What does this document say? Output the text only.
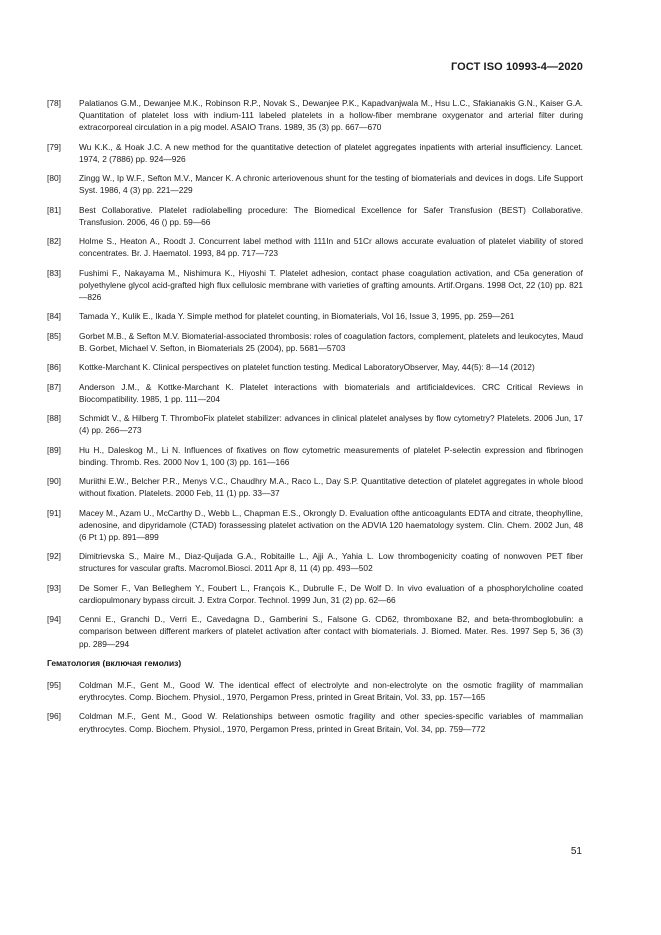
ГОСТ ISO 10993-4—2020
[78]	Palatianos G.M., Dewanjee M.K., Robinson R.P., Novak S., Dewanjee P.K., Kapadvanjwala M., Hsu L.C., Sfakianakis G.N., Kaiser G.A. Quantitation of platelet loss with indium-111 labeled platelets in a hollow-fiber membrane oxygenator and arterial filter during extracorporeal circulation in a pig model. ASAIO Trans. 1989, 35 (3) pp. 667—670
[79]	Wu K.K., & Hoak J.C. A new method for the quantitative detection of platelet aggregates inpatients with arterial insufficiency. Lancet. 1974, 2 (7886) pp. 924—926
[80]	Zingg W., Ip W.F., Sefton M.V., Mancer K. A chronic arteriovenous shunt for the testing of biomaterials and devices in dogs. Life Support Syst. 1986, 4 (3) pp. 221—229
[81]	Best Collaborative. Platelet radiolabelling procedure: The Biomedical Excellence for Safer Transfusion (BEST) Collaborative. Transfusion. 2006, 46 () pp. 59—66
[82]	Holme S., Heaton A., Roodt J. Concurrent label method with 111In and 51Cr allows accurate evaluation of platelet viability of stored concentrates. Br. J. Haematol. 1993, 84 pp. 717—723
[83]	Fushimi F., Nakayama M., Nishimura K., Hiyoshi T. Platelet adhesion, contact phase coagulation activation, and C5a generation of polyethylene glycol acid-grafted high flux cellulosic membrane with varieties of grafting amounts. Artif.Organs. 1998 Oct, 22 (10) pp. 821—826
[84]	Tamada Y., Kulik E., Ikada Y. Simple method for platelet counting, in Biomaterials, Vol 16, Issue 3, 1995, pp. 259—261
[85]	Gorbet M.B., & Sefton M.V. Biomaterial-associated thrombosis: roles of coagulation factors, complement, platelets and leukocytes, Maud B. Gorbet, Michael V. Sefton, in Biomaterials 25 (2004), pp. 5681—5703
[86]	Kottke-Marchant K. Clinical perspectives on platelet function testing. Medical LaboratoryObserver, May, 44(5): 8—14 (2012)
[87]	Anderson J.M., & Kottke-Marchant K. Platelet interactions with biomaterials and artificialdevices. CRC Critical Reviews in Biocompatibility. 1985, 1 pp. 111—204
[88]	Schmidt V., & Hilberg T. ThromboFix platelet stabilizer: advances in clinical platelet analyses by flow cytometry? Platelets. 2006 Jun, 17 (4) pp. 266—273
[89]	Hu H., Daleskog M., Li N. Influences of fixatives on flow cytometric measurements of platelet P-selectin expression and fibrinogen binding. Thromb. Res. 2000 Nov 1, 100 (3) pp. 161—166
[90]	Muriithi E.W., Belcher P.R., Menys V.C., Chaudhry M.A., Raco L., Day S.P. Quantitative detection of platelet aggregates in whole blood without fixation. Platelets. 2000 Feb, 11 (1) pp. 33—37
[91]	Macey M., Azam U., McCarthy D., Webb L., Chapman E.S., Okrongly D. Evaluation ofthe anticoagulants EDTA and citrate, theophylline, adenosine, and dipyridamole (CTAD) forassessing platelet activation on the ADVIA 120 haematology system. Clin. Chem. 2002 Jun, 48 (6 Pt 1) pp. 891—899
[92]	Dimitrievska S., Maire M., Diaz-Quijada G.A., Robitaille L., Ajji A., Yahia L. Low thrombogenicity coating of nonwoven PET fiber structures for vascular grafts. Macromol.Biosci. 2011 Apr 8, 11 (4) pp. 493—502
[93]	De Somer F., Van Belleghem Y., Foubert L., François K., Dubrulle F., De Wolf D. In vivo evaluation of a phosphorylcholine coated cardiopulmonary bypass circuit. J. Extra Corpor. Technol. 1999 Jun, 31 (2) pp. 62—66
[94]	Cenni E., Granchi D., Verri E., Cavedagna D., Gamberini S., Falsone G. CD62, thromboxane B2, and beta-thromboglobulin: a comparison between different markers of platelet activation after contact with biomaterials. J. Biomed. Mater. Res. 1997 Sep 5, 36 (3) pp. 289—294
Гематология (включая гемолиз)
[95]	Coldman M.F., Gent M., Good W. The identical effect of electrolyte and non-electrolyte on the osmotic fragility of mammalian erythrocytes. Comp. Biochem. Physiol., 1970, Pergamon Press, printed in Great Britain, Vol. 33, pp. 157—165
[96]	Coldman M.F., Gent M., Good W. Relationships between osmotic fragility and other species-specific variables of mammalian erythrocytes. Comp. Biochem. Physiol., 1970, Pergamon Press, printed in Great Britain, Vol. 34, pp. 759—772
51
